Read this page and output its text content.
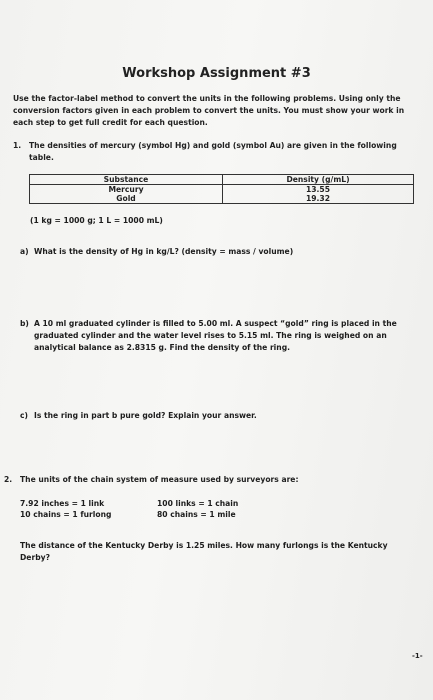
Workshop Assignment #3
Use the factor-label method to convert the units in the following problems. Using only the conversion factors given in each problem to convert the units. You must show your work in each step to get full credit for each question.
1. The densities of mercury (symbol Hg) and gold (symbol Au) are given in the following table.
Substance	Density (g/mL)
Mercury	13.55
Gold	19.32
(1 kg = 1000 g; 1 L = 1000 mL)
a) What is the density of Hg in kg/L? (density = mass / volume)
b) A 10 ml graduated cylinder is filled to 5.00 ml. A suspect “gold” ring is placed in the graduated cylinder and the water level rises to 5.15 ml. The ring is weighed on an analytical balance as 2.8315 g. Find the density of the ring.
c) Is the ring in part b pure gold? Explain your answer.
2. The units of the chain system of measure used by surveyors are:
7.92 inches = 1 link	100 links = 1 chain
10 chains = 1 furlong	80 chains = 1 mile
The distance of the Kentucky Derby is 1.25 miles. How many furlongs is the Kentucky Derby?
-1-
